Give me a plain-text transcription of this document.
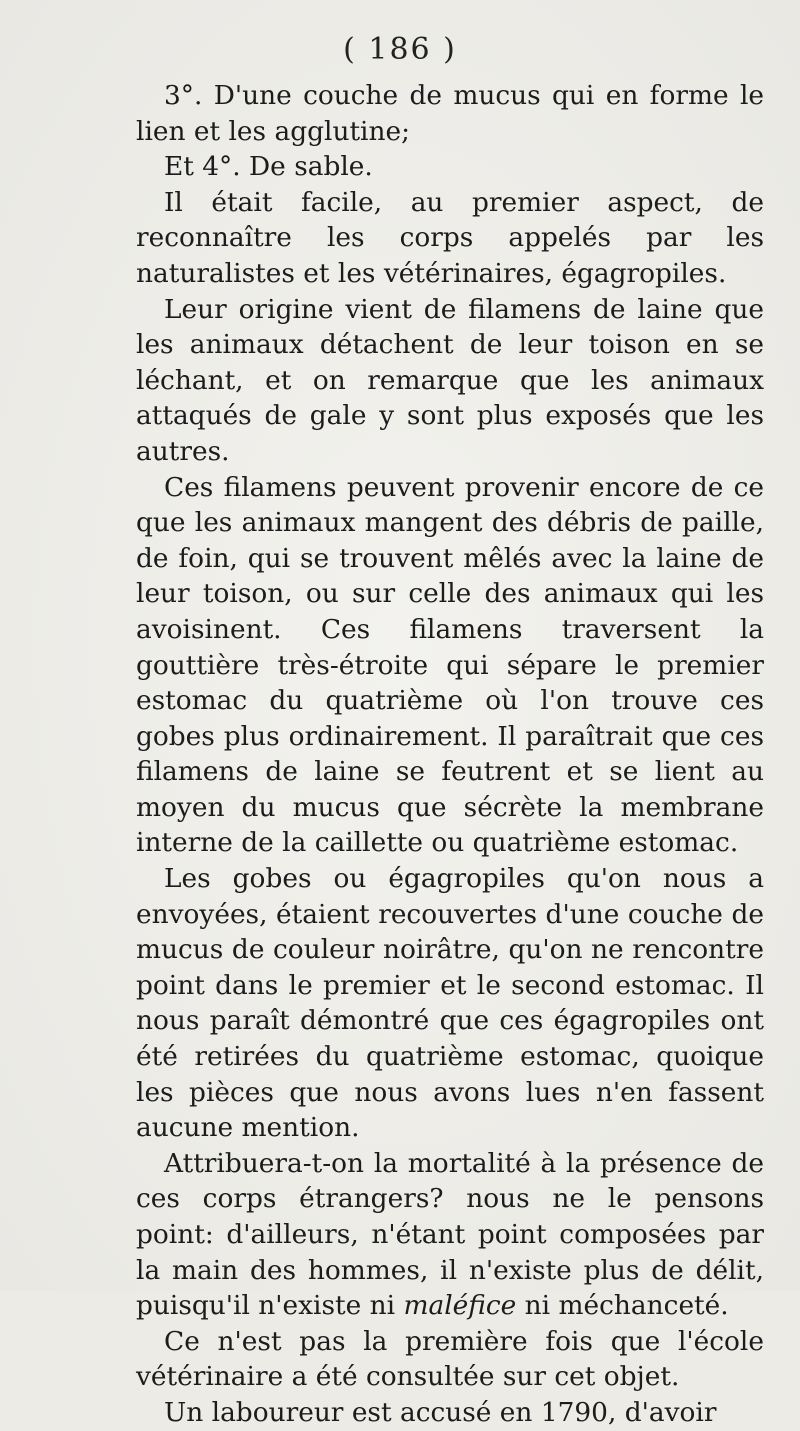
( 186 )

3°. D'une couche de mucus qui en forme le lien et les agglutine;

Et 4°. De sable.

Il était facile, au premier aspect, de reconnaître les corps appelés par les naturalistes et les vétérinaires, égagropiles.

Leur origine vient de filamens de laine que les animaux détachent de leur toison en se léchant, et on remarque que les animaux attaqués de gale y sont plus exposés que les autres.

Ces filamens peuvent provenir encore de ce que les animaux mangent des débris de paille, de foin, qui se trouvent mêlés avec la laine de leur toison, ou sur celle des animaux qui les avoisinent. Ces filamens traversent la gouttière très-étroite qui sépare le premier estomac du quatrième où l'on trouve ces gobes plus ordinairement. Il paraîtrait que ces filamens de laine se feutrent et se lient au moyen du mucus que sécrète la membrane interne de la caillette ou quatrième estomac.

Les gobes ou égagropiles qu'on nous a envoyées, étaient recouvertes d'une couche de mucus de couleur noirâtre, qu'on ne rencontre point dans le premier et le second estomac. Il nous paraît démontré que ces égagropiles ont été retirées du quatrième estomac, quoique les pièces que nous avons lues n'en fassent aucune mention.

Attribuera-t-on la mortalité à la présence de ces corps étrangers? nous ne le pensons point: d'ailleurs, n'étant point composées par la main des hommes, il n'existe plus de délit, puisqu'il n'existe ni maléfice ni méchanceté.

Ce n'est pas la première fois que l'école vétérinaire a été consultée sur cet objet.

Un laboureur est accusé en 1790, d'avoir
